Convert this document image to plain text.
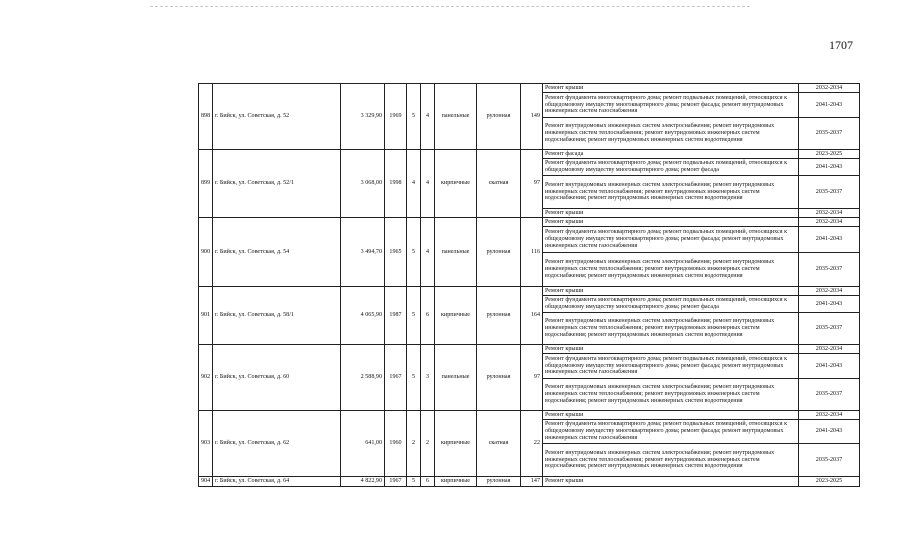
1707
898	г. Бийск, ул. Советская, д. 52	3 329,90	1969	5	4	панельные	рулонная	149	Ремонт крыши	2032-2034
									Ремонт фундамента многоквартирного дома; ремонт подвальных помещений, относящихся к общедомовому имуществу многоквартирного дома; ремонт фасада; ремонт внутридомовых инженерных систем газоснабжения	2041-2043
									Ремонт внутридомовых инженерных систем электроснабжения; ремонт внутридомовых инженерных систем теплоснабжения; ремонт внутридомовых инженерных систем водоснабжения; ремонт внутридомовых инженерных систем водоотведения	2035-2037
899	г. Бийск, ул. Советская, д. 52/1	3 068,00	1998	4	4	кирпичные	скатная	97	Ремонт фасада	2023-2025
									Ремонт фундамента многоквартирного дома; ремонт подвальных помещений, относящихся к общедомовому имуществу многоквартирного дома; ремонт фасада	2041-2043
									Ремонт внутридомовых инженерных систем электроснабжения; ремонт внутридомовых инженерных систем теплоснабжения; ремонт внутридомовых инженерных систем водоснабжения; ремонт внутридомовых инженерных систем водоотведения	2035-2037
									Ремонт крыши	2032-2034
900	г. Бийск, ул. Советская, д. 54	3 494,70	1965	5	4	панельные	рулонная	116	Ремонт крыши	2032-2034
									Ремонт фундамента многоквартирного дома; ремонт подвальных помещений, относящихся к общедомовому имуществу многоквартирного дома; ремонт фасада; ремонт внутридомовых инженерных систем газоснабжения	2041-2043
									Ремонт внутридомовых инженерных систем электроснабжения; ремонт внутридомовых инженерных систем теплоснабжения; ремонт внутридомовых инженерных систем водоснабжения; ремонт внутридомовых инженерных систем водоотведения	2035-2037
901	г. Бийск, ул. Советская, д. 58/1	4 065,90	1987	5	6	кирпичные	рулонная	164	Ремонт крыши	2032-2034
									Ремонт фундамента многоквартирного дома; ремонт подвальных помещений, относящихся к общедомовому имуществу многоквартирного дома; ремонт фасада	2041-2043
									Ремонт внутридомовых инженерных систем электроснабжения; ремонт внутридомовых инженерных систем теплоснабжения; ремонт внутридомовых инженерных систем водоснабжения; ремонт внутридомовых инженерных систем водоотведения	2035-2037
902	г. Бийск, ул. Советская, д. 60	2 588,90	1967	5	3	панельные	рулонная	97	Ремонт крыши	2032-2034
									Ремонт фундамента многоквартирного дома; ремонт подвальных помещений, относящихся к общедомовому имуществу многоквартирного дома; ремонт фасада; ремонт внутридомовых инженерных систем газоснабжения	2041-2043
									Ремонт внутридомовых инженерных систем электроснабжения; ремонт внутридомовых инженерных систем теплоснабжения; ремонт внутридомовых инженерных систем водоснабжения; ремонт внутридомовых инженерных систем водоотведения	2035-2037
903	г. Бийск, ул. Советская, д. 62	641,00	1960	2	2	кирпичные	скатная	22	Ремонт крыши	2032-2034
									Ремонт фундамента многоквартирного дома; ремонт подвальных помещений, относящихся к общедомовому имуществу многоквартирного дома; ремонт фасада; ремонт внутридомовых инженерных систем газоснабжения	2041-2043
									Ремонт внутридомовых инженерных систем электроснабжения; ремонт внутридомовых инженерных систем теплоснабжения; ремонт внутридомовых инженерных систем водоснабжения; ремонт внутридомовых инженерных систем водоотведения	2035-2037
904	г. Бийск, ул. Советская, д. 64	4 822,90	1967	5	6	кирпичные	рулонная	147	Ремонт крыши	2023-2025
